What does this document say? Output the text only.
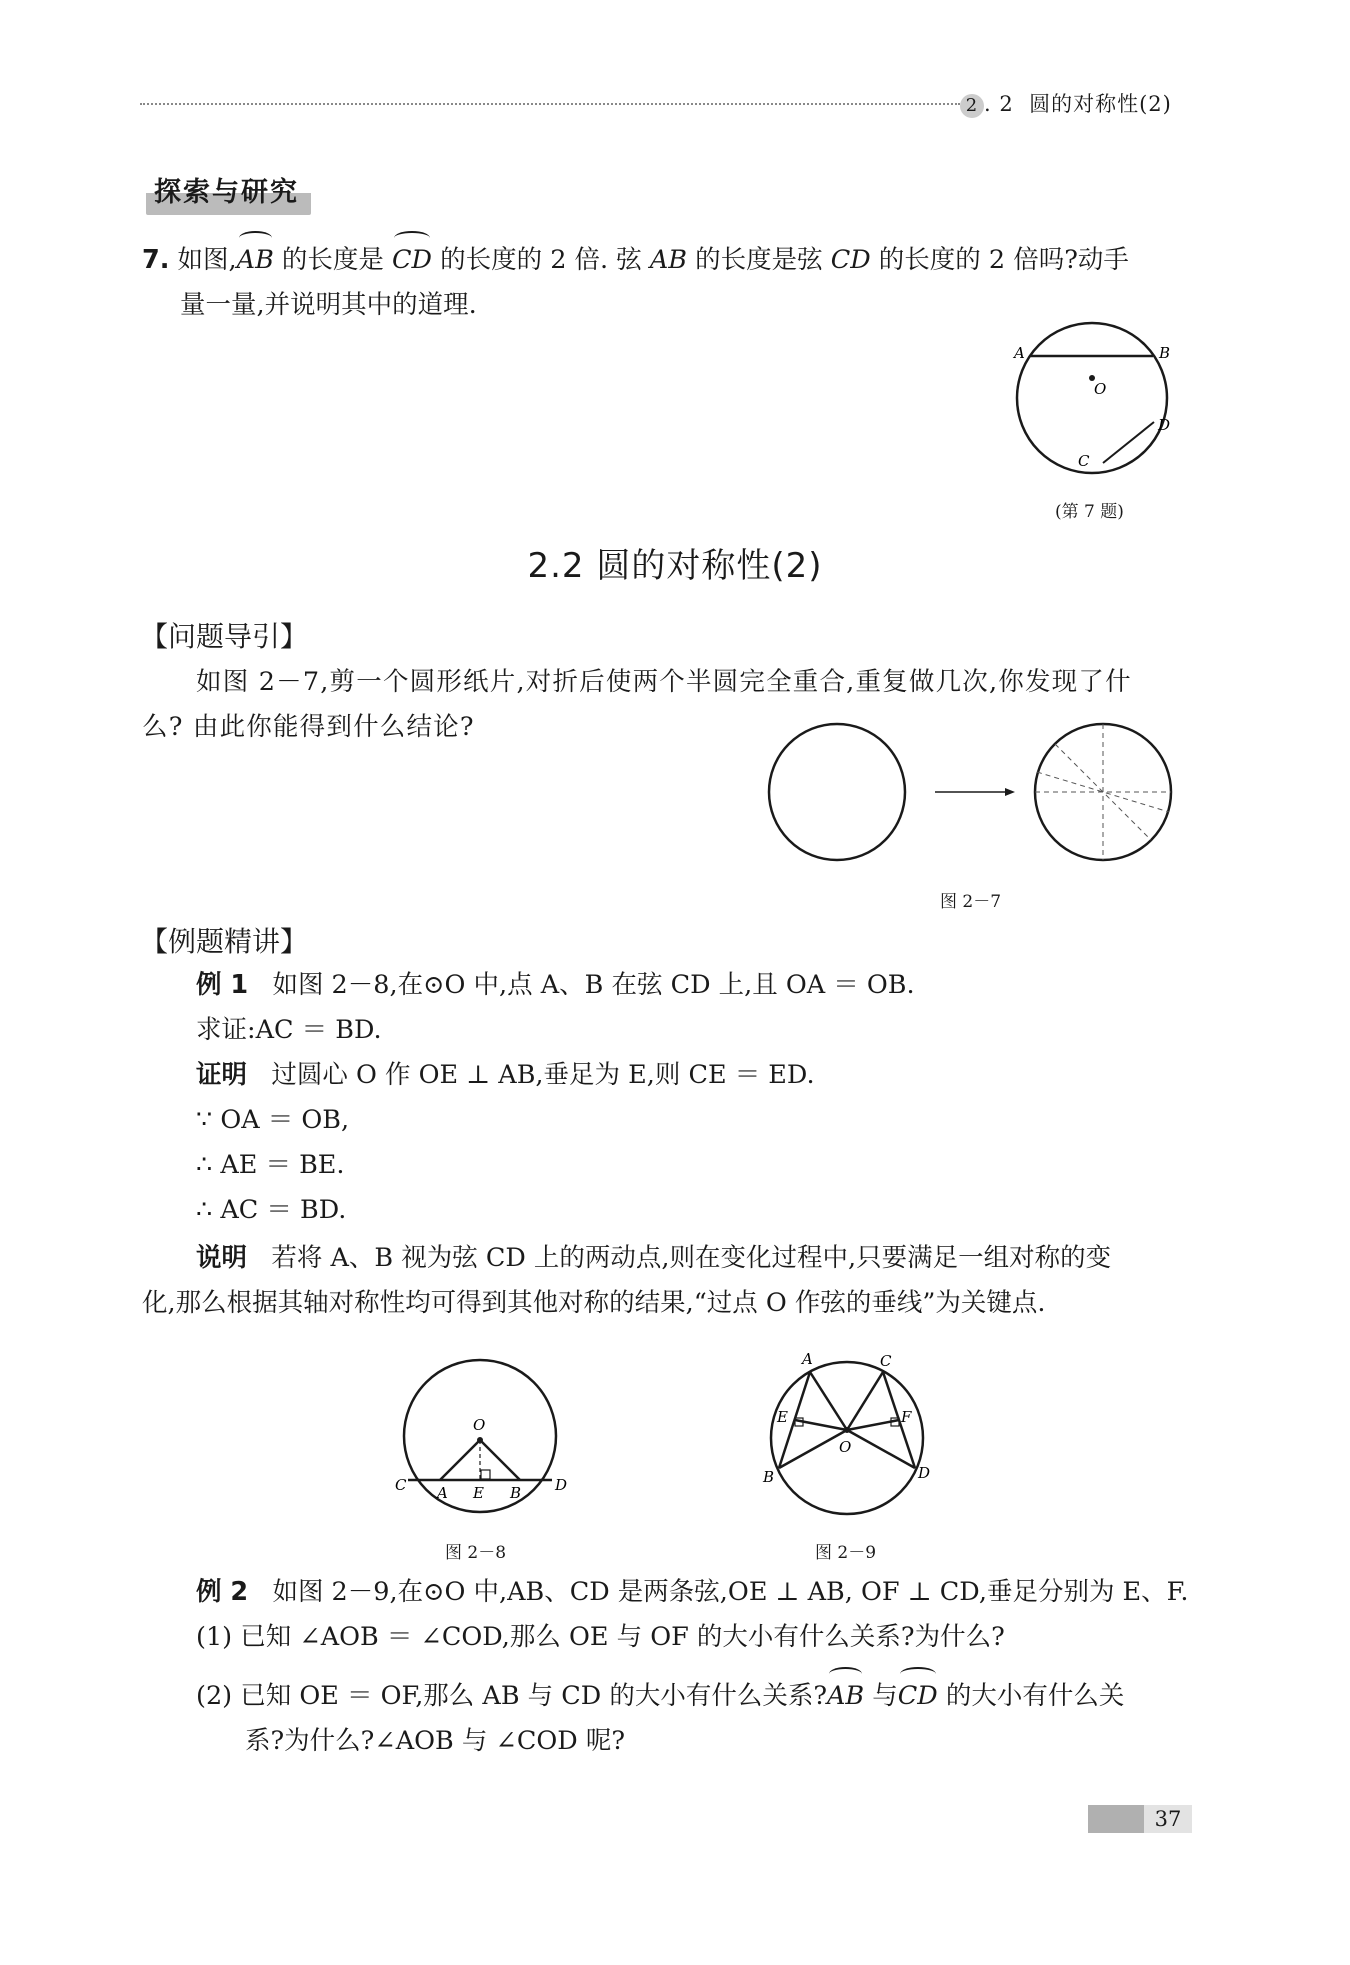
2 . 2 圆的对称性(2)
探索与研究
7. 如图,AB 的长度是 CD 的长度的 2 倍. 弦 AB 的长度是弦 CD 的长度的 2 倍吗?动手
量一量,并说明其中的道理.
A	B
O
D
C
(第 7 题)
2.2 圆的对称性(2)
【问题导引】
如图 2－7,剪一个圆形纸片,对折后使两个半圆完全重合,重复做几次,你发现了什
么? 由此你能得到什么结论?
图 2－7
【例题精讲】
例 1 如图 2－8,在⊙O 中,点 A、B 在弦 CD 上,且 OA ＝ OB.
求证:AC ＝ BD.
证明 过圆心 O 作 OE ⊥ AB,垂足为 E,则 CE ＝ ED.
∵ OA ＝ OB,
∴ AE ＝ BE.
∴ AC ＝ BD.
说明 若将 A、B 视为弦 CD 上的两动点,则在变化过程中,只要满足一组对称的变
化,那么根据其轴对称性均可得到其他对称的结果,“过点 O 作弦的垂线”为关键点.
O
C A E B D
图 2－8
A	C
E	F
O
B	D
图 2－9
例 2 如图 2－9,在⊙O 中,AB、CD 是两条弦,OE ⊥ AB, OF ⊥ CD,垂足分别为 E、F.
(1) 已知 ∠AOB ＝ ∠COD,那么 OE 与 OF 的大小有什么关系?为什么?
(2) 已知 OE ＝ OF,那么 AB 与 CD 的大小有什么关系?AB 与CD 的大小有什么关
系?为什么?∠AOB 与 ∠COD 呢?
37
